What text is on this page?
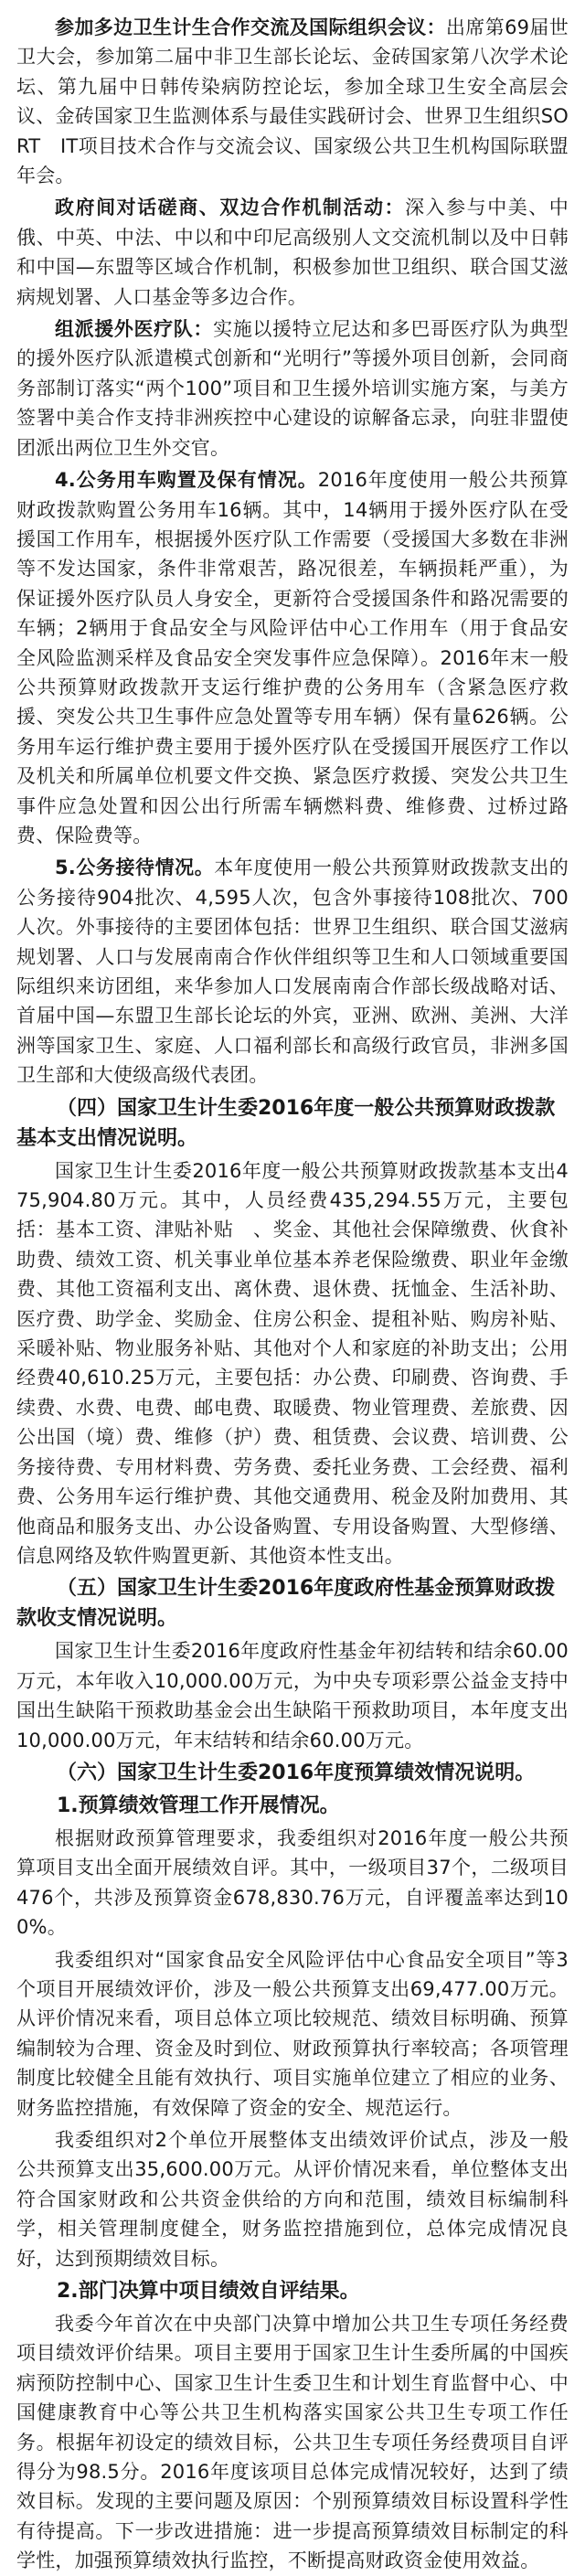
参加多边卫生计生合作交流及国际组织会议：出席第69届世卫大会，参加第二届中非卫生部长论坛、金砖国家第八次学术论坛、第九届中日韩传染病防控论坛，参加全球卫生安全高层会议、金砖国家卫生监测体系与最佳实践研讨会、世界卫生组织SORT　IT项目技术合作与交流会议、国家级公共卫生机构国际联盟年会。

政府间对话磋商、双边合作机制活动：深入参与中美、中俄、中英、中法、中以和中印尼高级别人文交流机制以及中日韩和中国—东盟等区域合作机制，积极参加世卫组织、联合国艾滋病规划署、人口基金等多边合作。

组派援外医疗队：实施以援特立尼达和多巴哥医疗队为典型的援外医疗队派遣模式创新和“光明行”等援外项目创新，会同商务部制订落实“两个100”项目和卫生援外培训实施方案，与美方签署中美合作支持非洲疾控中心建设的谅解备忘录，向驻非盟使团派出两位卫生外交官。

4.公务用车购置及保有情况。2016年度使用一般公共预算财政拨款购置公务用车16辆。其中，14辆用于援外医疗队在受援国工作用车，根据援外医疗队工作需要（受援国大多数在非洲等不发达国家，条件非常艰苦，路况很差，车辆损耗严重），为保证援外医疗队员人身安全，更新符合受援国条件和路况需要的车辆；2辆用于食品安全与风险评估中心工作用车（用于食品安全风险监测采样及食品安全突发事件应急保障）。2016年末一般公共预算财政拨款开支运行维护费的公务用车（含紧急医疗救援、突发公共卫生事件应急处置等专用车辆）保有量626辆。公务用车运行维护费主要用于援外医疗队在受援国开展医疗工作以及机关和所属单位机要文件交换、紧急医疗救援、突发公共卫生事件应急处置和因公出行所需车辆燃料费、维修费、过桥过路费、保险费等。

5.公务接待情况。本年度使用一般公共预算财政拨款支出的公务接待904批次、4,595人次，包含外事接待108批次、700人次。外事接待的主要团体包括：世界卫生组织、联合国艾滋病规划署、人口与发展南南合作伙伴组织等卫生和人口领域重要国际组织来访团组，来华参加人口发展南南合作部长级战略对话、首届中国—东盟卫生部长论坛的外宾，亚洲、欧洲、美洲、大洋洲等国家卫生、家庭、人口福利部长和高级行政官员，非洲多国卫生部和大使级高级代表团。

（四）国家卫生计生委2016年度一般公共预算财政拨款基本支出情况说明。

国家卫生计生委2016年度一般公共预算财政拨款基本支出475,904.80万元。其中，人员经费435,294.55万元，主要包括：基本工资、津贴补贴　、奖金、其他社会保障缴费、伙食补助费、绩效工资、机关事业单位基本养老保险缴费、职业年金缴费、其他工资福利支出、离休费、退休费、抚恤金、生活补助、医疗费、助学金、奖励金、住房公积金、提租补贴、购房补贴、采暖补贴、物业服务补贴、其他对个人和家庭的补助支出；公用经费40,610.25万元，主要包括：办公费、印刷费、咨询费、手续费、水费、电费、邮电费、取暖费、物业管理费、差旅费、因公出国（境）费、维修（护）费、租赁费、会议费、培训费、公务接待费、专用材料费、劳务费、委托业务费、工会经费、福利费、公务用车运行维护费、其他交通费用、税金及附加费用、其他商品和服务支出、办公设备购置、专用设备购置、大型修缮、信息网络及软件购置更新、其他资本性支出。

（五）国家卫生计生委2016年度政府性基金预算财政拨款收支情况说明。

国家卫生计生委2016年度政府性基金年初结转和结余60.00万元，本年收入10,000.00万元，为中央专项彩票公益金支持中国出生缺陷干预救助基金会出生缺陷干预救助项目，本年度支出10,000.00万元，年末结转和结余60.00万元。

（六）国家卫生计生委2016年度预算绩效情况说明。

1.预算绩效管理工作开展情况。

根据财政预算管理要求，我委组织对2016年度一般公共预算项目支出全面开展绩效自评。其中，一级项目37个，二级项目476个，共涉及预算资金678,830.76万元，自评覆盖率达到100%。

我委组织对“国家食品安全风险评估中心食品安全项目”等3个项目开展绩效评价，涉及一般公共预算支出69,477.00万元。从评价情况来看，项目总体立项比较规范、绩效目标明确、预算编制较为合理、资金及时到位、财政预算执行率较高；各项管理制度比较健全且能有效执行、项目实施单位建立了相应的业务、财务监控措施，有效保障了资金的安全、规范运行。

我委组织对2个单位开展整体支出绩效评价试点，涉及一般公共预算支出35,600.00万元。从评价情况来看，单位整体支出符合国家财政和公共资金供给的方向和范围，绩效目标编制科学，相关管理制度健全，财务监控措施到位，总体完成情况良好，达到预期绩效目标。

2.部门决算中项目绩效自评结果。

我委今年首次在中央部门决算中增加公共卫生专项任务经费项目绩效评价结果。项目主要用于国家卫生计生委所属的中国疾病预防控制中心、国家卫生计生委卫生和计划生育监督中心、中国健康教育中心等公共卫生机构落实国家公共卫生专项工作任务。根据年初设定的绩效目标，公共卫生专项任务经费项目自评得分为98.5分。2016年度该项目总体完成情况较好，达到了绩效目标。发现的主要问题及原因：个别预算绩效目标设置科学性有待提高。下一步改进措施：进一步提高预算绩效目标制定的科学性，加强预算绩效执行监控，不断提高财政资金使用效益。
